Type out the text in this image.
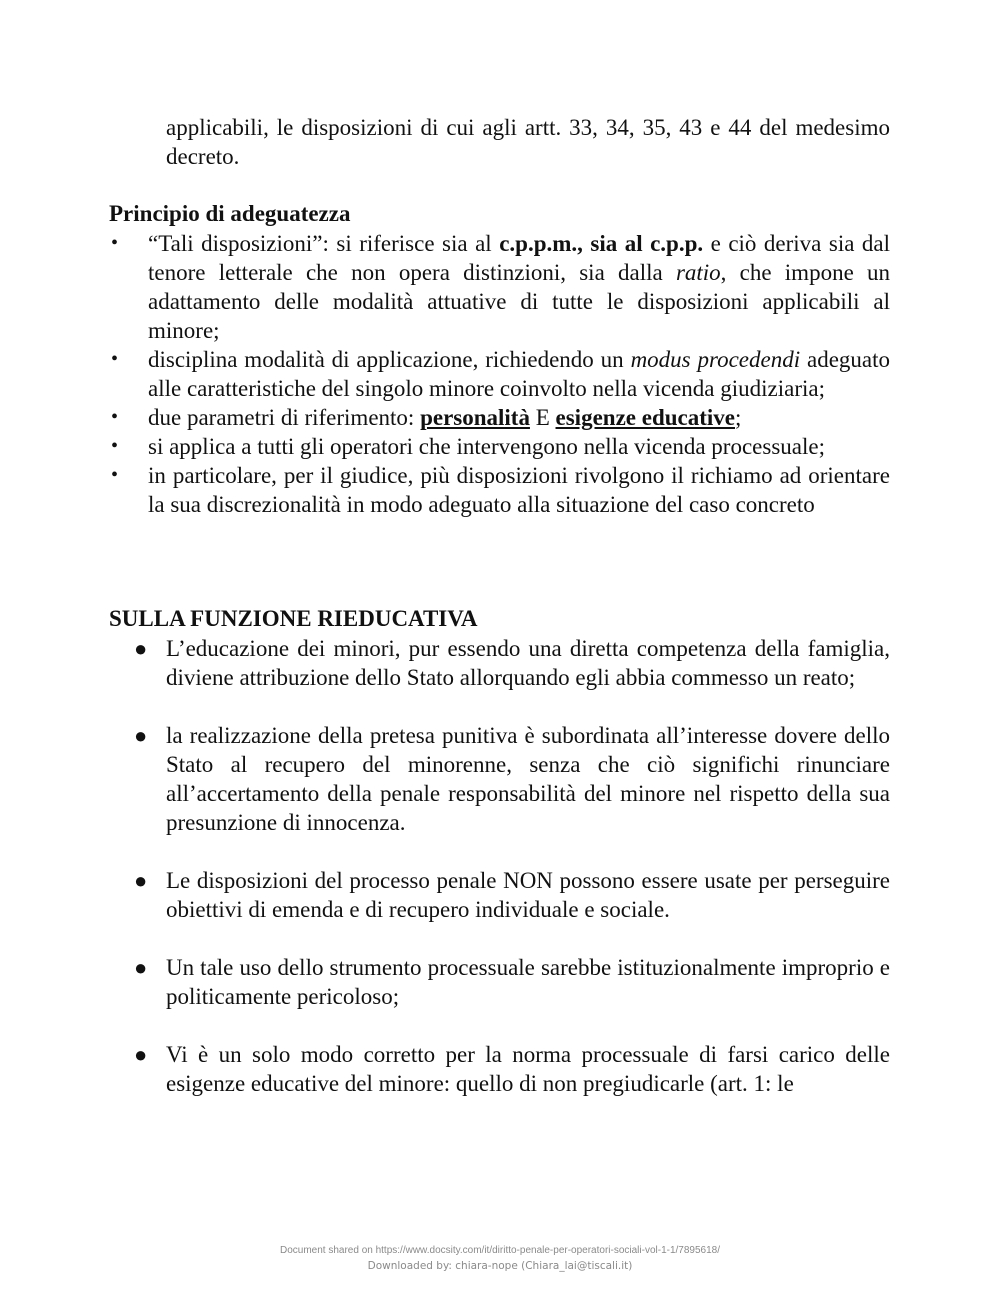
applicabili, le disposizioni di cui agli artt. 33, 34, 35, 43 e 44 del medesimo decreto.

Principio di adeguatezza

• “Tali disposizioni”: si riferisce sia al c.p.p.m., sia al c.p.p. e ciò deriva sia dal tenore letterale che non opera distinzioni, sia dalla ratio, che impone un adattamento delle modalità attuative di tutte le disposizioni applicabili al minore;
• disciplina modalità di applicazione, richiedendo un modus procedendi adeguato alle caratteristiche del singolo minore coinvolto nella vicenda giudiziaria;
• due parametri di riferimento: personalità E esigenze educative;
• si applica a tutti gli operatori che intervengono nella vicenda processuale;
• in particolare, per il giudice, più disposizioni rivolgono il richiamo ad orientare la sua discrezionalità in modo adeguato alla situazione del caso concreto

SULLA FUNZIONE RIEDUCATIVA

● L’educazione dei minori, pur essendo una diretta competenza della famiglia, diviene attribuzione dello Stato allorquando egli abbia commesso un reato;
● la realizzazione della pretesa punitiva è subordinata all’interesse dovere dello Stato al recupero del minorenne, senza che ciò significhi rinunciare all’accertamento della penale responsabilità del minore nel rispetto della sua presunzione di innocenza.
● Le disposizioni del processo penale NON possono essere usate per perseguire obiettivi di emenda e di recupero individuale e sociale.
● Un tale uso dello strumento processuale sarebbe istituzionalmente improprio e politicamente pericoloso;
● Vi è un solo modo corretto per la norma processuale di farsi carico delle esigenze educative del minore: quello di non pregiudicarle (art. 1: le
Document shared on https://www.docsity.com/it/diritto-penale-per-operatori-sociali-vol-1-1/7895618/
Downloaded by: chiara-nope (Chiara_lai@tiscali.it)
